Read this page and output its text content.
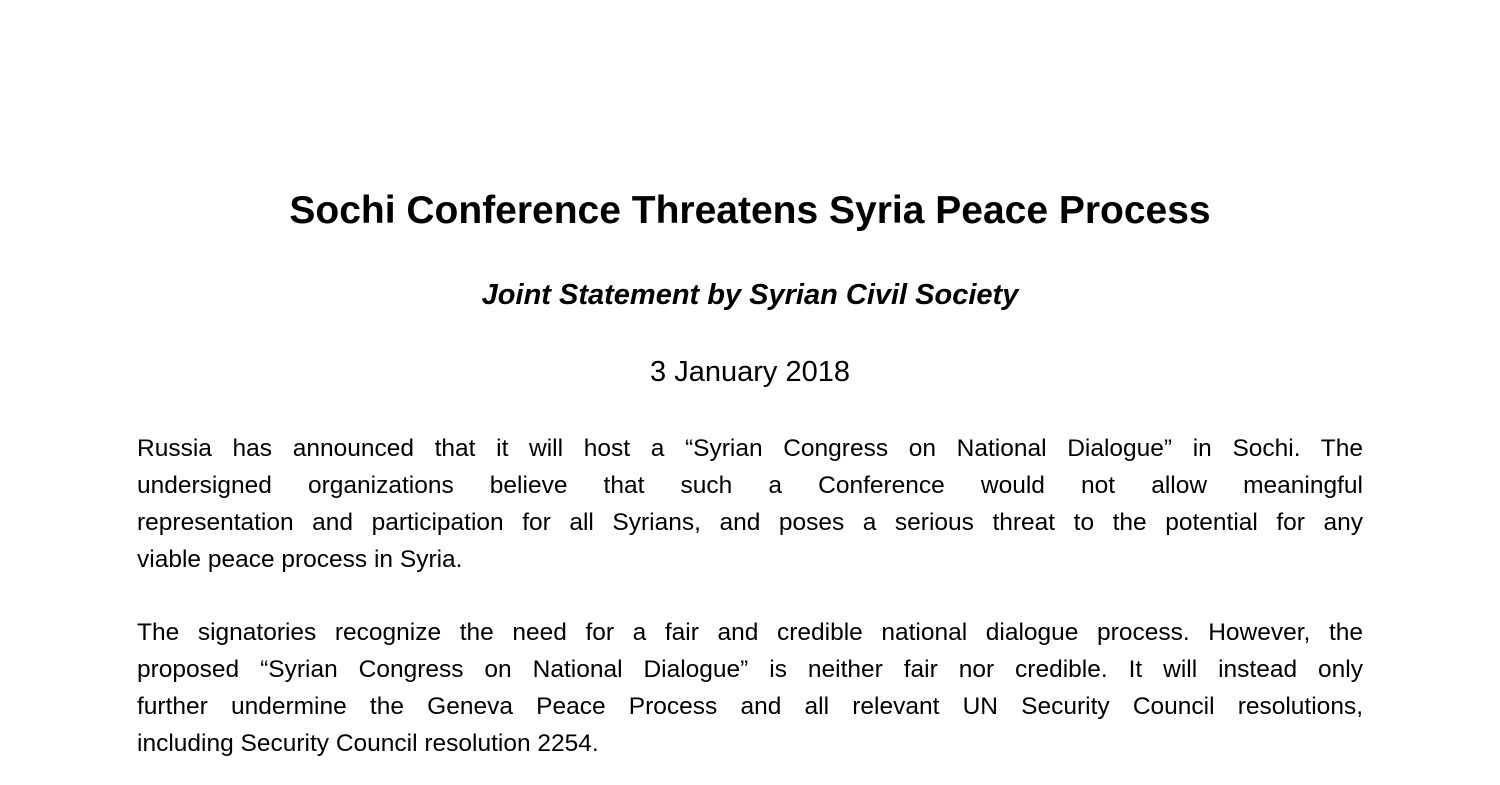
Sochi Conference Threatens Syria Peace Process
Joint Statement by Syrian Civil Society

3 January 2018

Russia has announced that it will host a “Syrian Congress on National Dialogue” in Sochi. The
undersigned organizations believe that such a Conference would not allow meaningful
representation and participation for all Syrians, and poses a serious threat to the potential for any
viable peace process in Syria.

The signatories recognize the need for a fair and credible national dialogue process. However, the
proposed “Syrian Congress on National Dialogue” is neither fair nor credible. It will instead only
further undermine the Geneva Peace Process and all relevant UN Security Council resolutions,
including Security Council resolution 2254.
